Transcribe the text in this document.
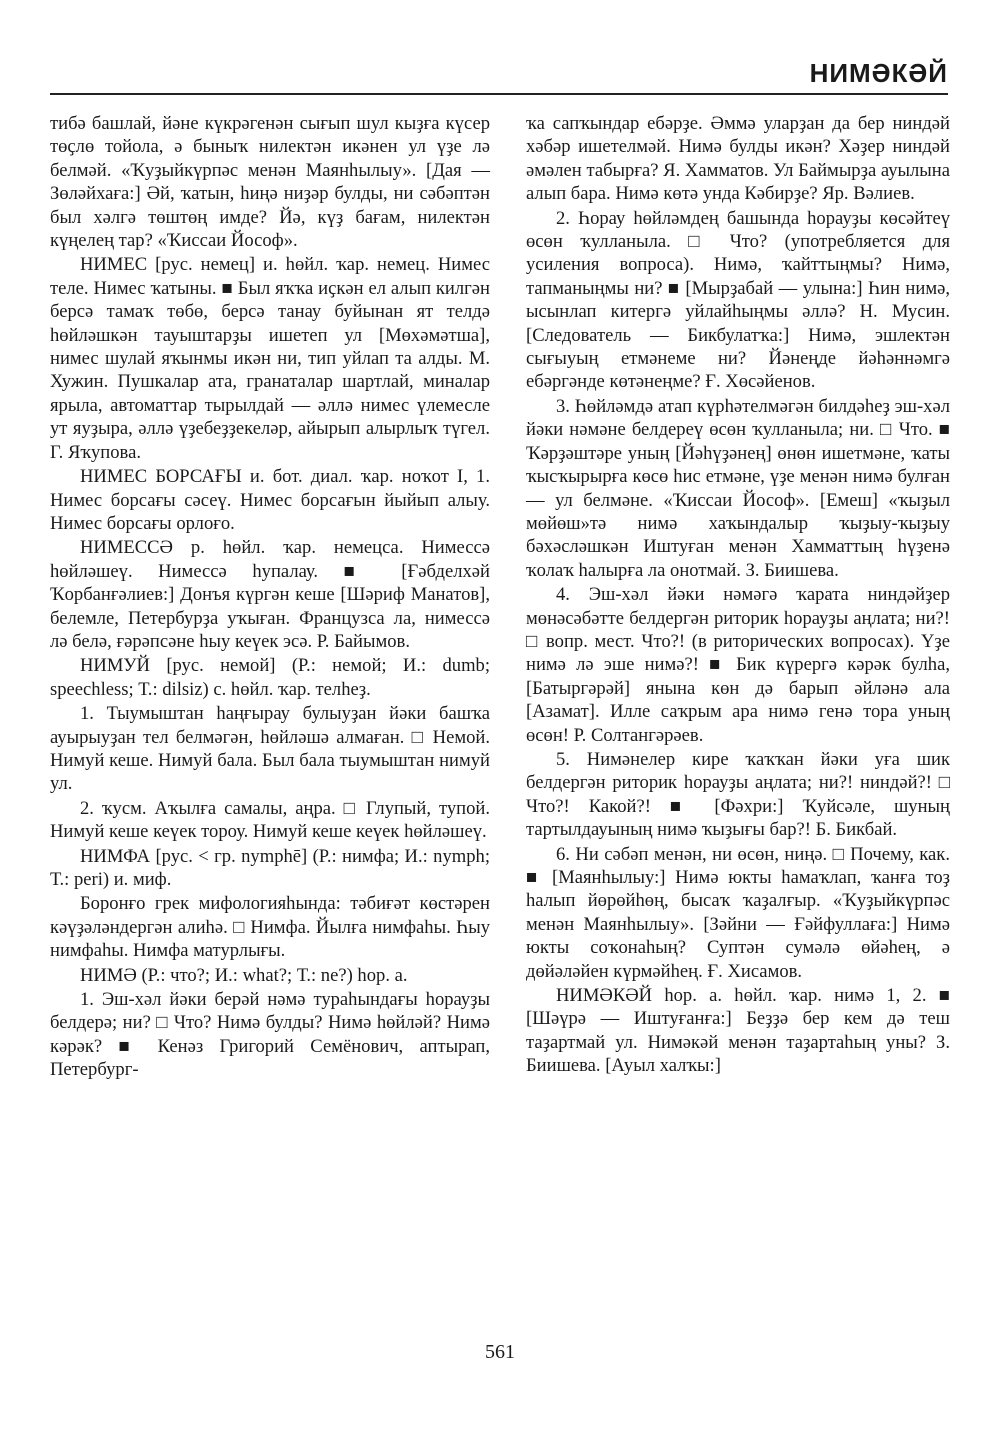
НИМӘКӘЙ

тибә башлай, йәне күкрәгенән сығып шул кыҙға күсер төҫлө тойола, ә быныҡ нилектән икәнен ул үҙе лә белмәй. «Ҡуҙыйкүрпәс менән Маянһылыу». [Дая — Зөләйхаға:] Әй, ҡатын, һиңә ниҙәр булды, ни сәбәптән был хәлгә төштөң имде? Йә, күҙ бағам, нилектән күңелең тар? «Ҡиссаи Йософ».

НИМЕС [рус. немец] и. һөйл. ҡар. немец. Нимес теле. Нимес ҡатыны. ■ Был яҡҡа иҫкән ел алып килгән берсә тамаҡ төбө, берсә танау буйынан ят телдә һөйләшкән тауыштарҙы ишетеп ул [Мөхәмәтша], нимес шулай яҡынмы икән ни, тип уйлап та алды. М. Хужин. Пушкалар ата, гранаталар шартлай, миналар ярыла, автоматтар тырылдай — әллә нимес үлемесле ут яуҙыра, әллә үҙебеҙҙекеләр, айырып алырлыҡ түгел. Г. Яҡупова.

НИМЕС БОРСАҒЫ и. бот. диал. ҡар. ноҡот I, 1. Нимес борсағы сәсеү. Нимес борсағын йыйып алыу. Нимес борсағы орлоғо.

НИМЕССӘ р. һөйл. ҡар. немецса. Нимессә һөйләшеү. Нимессә һупалау. ■ [Ғәбделхәй Ҡорбанғәлиев:] Донъя күргән кеше [Шәриф Манатов], белемле, Петербурҙа уҡыған. Французса ла, нимессә лә белә, ғәрәпсәне һыу кеүек эсә. Р. Байымов.

НИМУЙ [рус. немой] (Р.: немой; И.: dumb; speechless; Т.: dilsiz) с. һөйл. ҡар. телһеҙ.

1. Тыумыштан һаңғырау булыуҙан йәки башҡа ауырыуҙан тел белмәгән, һөйләшә алмаған. □ Немой. Нимуй кеше. Нимуй бала. Был бала тыумыштан нимуй ул.

2. ҡусм. Аҡылға самалы, аңра. □ Глупый, тупой. Нимуй кеше кеүек тороу. Нимуй кеше кеүек һөйләшеү.

НИМФА [рус. < гр. nymphē] (Р.: нимфа; И.: nymph; Т.: peri) и. миф.

Боронғо грек мифологияһында: тәбиғәт көстәрен кәүҙәләндергән алиһә. □ Нимфа. Йылға нимфаһы. Һыу нимфаһы. Нимфа матурлығы.

НИМӘ (Р.: что?; И.: what?; Т.: ne?) һор. а.

1. Эш-хәл йәки берәй нәмә тураһындағы һорауҙы белдерә; ни? □ Что? Нимә булды? Нимә һөйләй? Нимә кәрәк? ■ Кенәз Григорий Семёнович, аптырап, Петербург-

ҡа сапҡындар ебәрҙе. Әммә уларҙан да бер ниндәй хәбәр ишетелмәй. Нимә булды икән? Хәҙер ниндәй әмәлен табырға? Я. Хамматов. Ул Баймырҙа ауылына алып бара. Нимә көтә унда Кәбирҙе? Яр. Вәлиев.

2. Һорау һөйләмдең башында һорауҙы көсәйтеү өсөн ҡулланыла. □ Что? (употребляется для усиления вопроса). Нимә, ҡайттыңмы? Нимә, тапманыңмы ни? ■ [Мырҙабай — улына:] Һин нимә, ысынлап китергә уйлайһыңмы әллә? Н. Мусин. [Следователь — Бикбулатҡа:] Нимә, эшлектән сығыуың етмәнеме ни? Йәнеңде йәһәннәмгә ебәргәнде көтәнеңме? Ғ. Хөсәйенов.

3. Һөйләмдә атап күрһәтелмәгән билдәһеҙ эш-хәл йәки нәмәне белдереү өсөн ҡулланыла; ни. □ Что. ■ Ҡәрҙәштәре уның [Йәһүҙәнең] өнөн ишетмәне, ҡаты ҡысҡырырға көсө һис етмәне, үҙе менән нимә булған — ул белмәне. «Ҡиссаи Йософ». [Емеш] «ҡыҙыл мөйөш»тә нимә хаҡындалыр ҡыҙыу-ҡыҙыу бәхәсләшкән Иштуған менән Хамматтың һүҙенә ҡолаҡ һалырға ла онотмай. З. Биишева.

4. Эш-хәл йәки нәмәгә ҡарата ниндәйҙер мөнәсәбәтте белдергән риторик һорауҙы аңлата; ни?! □ вопр. мест. Что?! (в риторических вопросах). Үҙе нимә лә эше нимә?! ■ Бик күрергә кәрәк булһа, [Батыргәрәй] янына көн дә барып әйләнә ала [Азамат]. Илле саҡрым ара нимә генә тора уның өсөн! Р. Солтангәрәев.

5. Нимәнелер кире ҡаҡҡан йәки уға шик белдергән риторик һорауҙы аңлата; ни?! ниндәй?! □ Что?! Какой?! ■ [Фәхри:] Ҡуйсәле, шуның тартылдауының нимә ҡыҙығы бар?! Б. Бикбай.

6. Ни сәбәп менән, ни өсөн, ниңә. □ Почему, как. ■ [Маянһылыу:] Нимә юкты һамаҡлап, ҡанға тоҙ һалып йөрөйһөң, бысаҡ ҡаҙалғыр. «Ҡуҙыйкүрпәс менән Маянһылыу». [Зәйни — Ғәйфуллаға:] Нимә юкты соҡонаһың? Суптән сумәлә өйәһең, ә дөйәләйен күрмәйһең. Ғ. Хисамов.

НИМӘКӘЙ һор. а. һөйл. ҡар. нимә 1, 2. ■ [Шәүрә — Иштуғанға:] Беҙҙә бер кем дә теш таҙартмай ул. Нимәкәй менән таҙартаһың уны? З. Биишева. [Ауыл халҡы:]

561
